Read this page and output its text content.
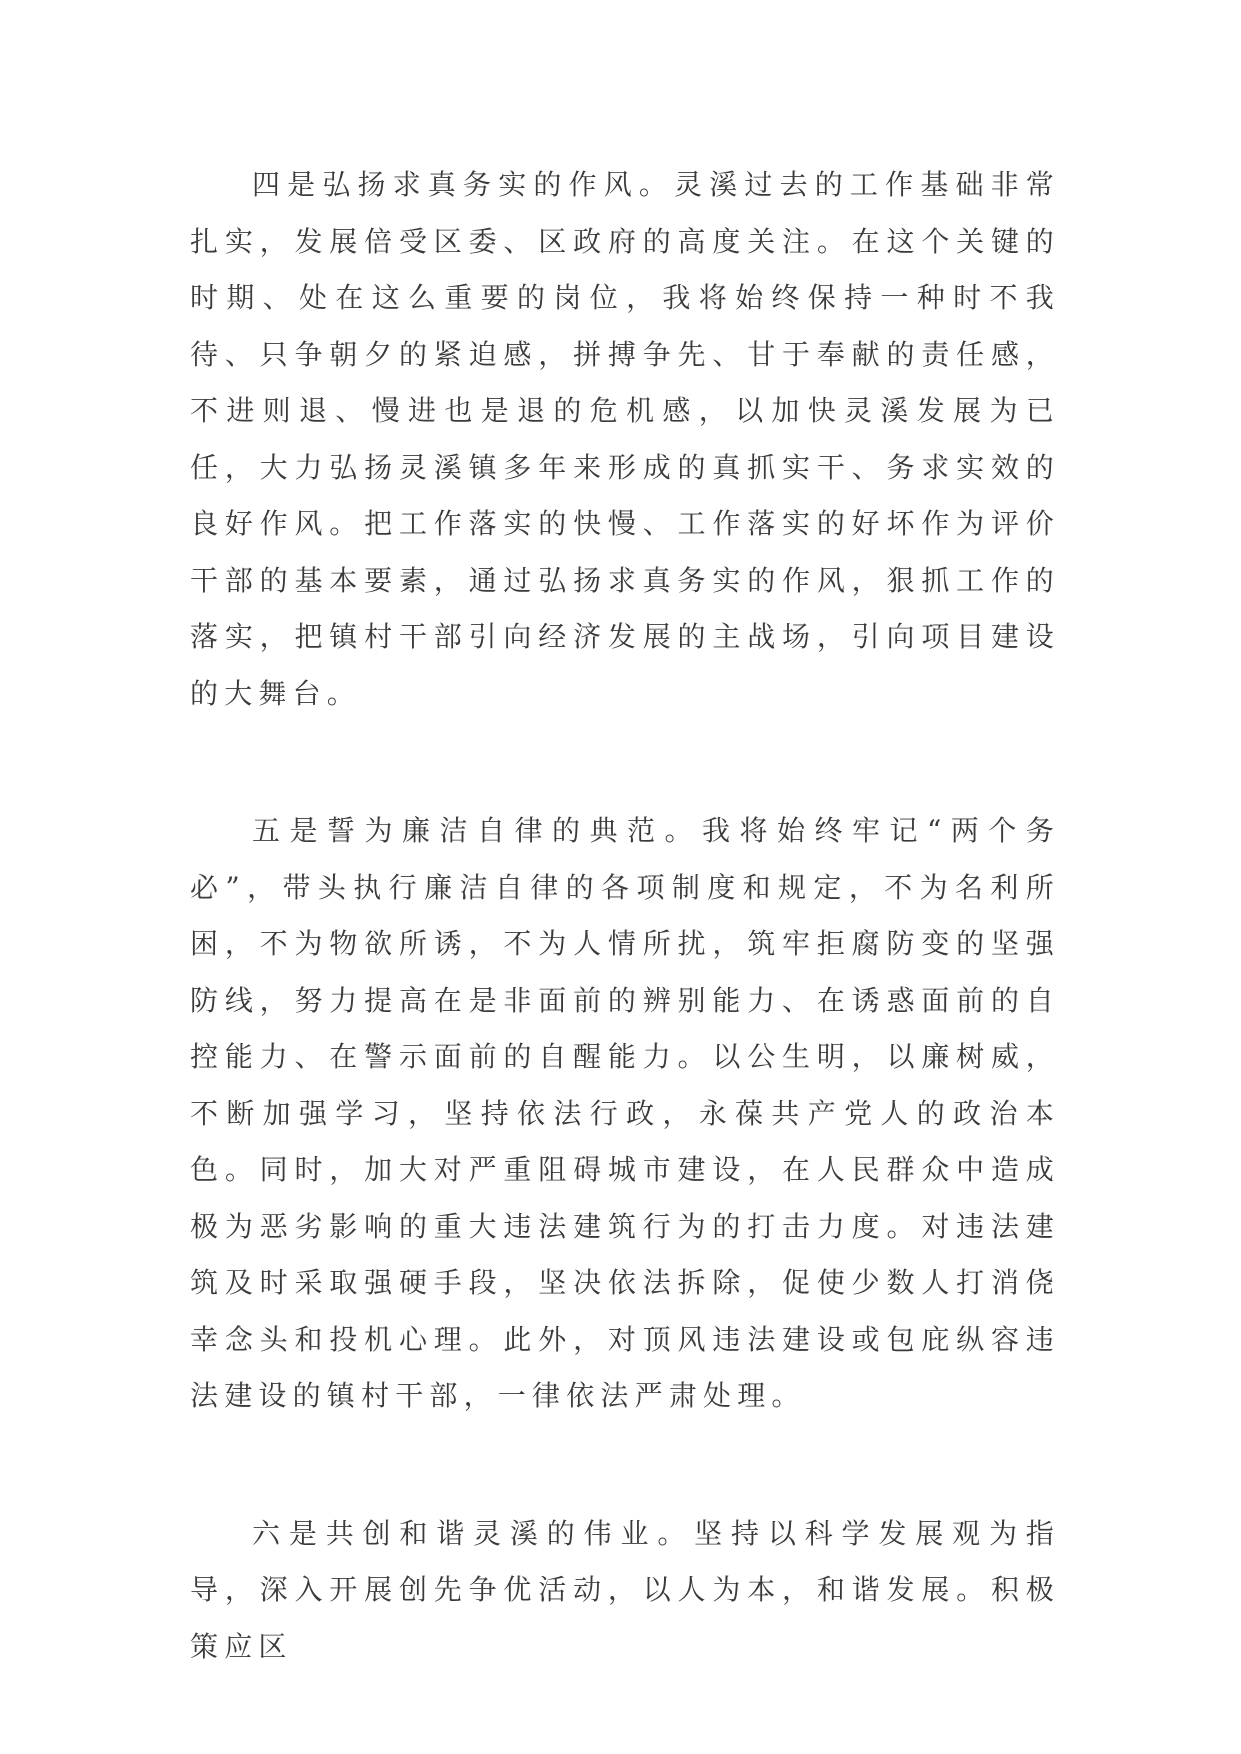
四是弘扬求真务实的作风。灵溪过去的工作基础非常扎实，发展倍受区委、区政府的高度关注。在这个关键的时期、处在这么重要的岗位，我将始终保持一种时不我待、只争朝夕的紧迫感，拼搏争先、甘于奉献的责任感，不进则退、慢进也是退的危机感，以加快灵溪发展为已任，大力弘扬灵溪镇多年来形成的真抓实干、务求实效的良好作风。把工作落实的快慢、工作落实的好坏作为评价干部的基本要素，通过弘扬求真务实的作风，狠抓工作的落实，把镇村干部引向经济发展的主战场，引向项目建设的大舞台。

五是誓为廉洁自律的典范。我将始终牢记“两个务必”，带头执行廉洁自律的各项制度和规定，不为名利所困，不为物欲所诱，不为人情所扰，筑牢拒腐防变的坚强防线，努力提高在是非面前的辨别能力、在诱惑面前的自控能力、在警示面前的自醒能力。以公生明，以廉树威，不断加强学习，坚持依法行政，永葆共产党人的政治本色。同时，加大对严重阻碍城市建设，在人民群众中造成极为恶劣影响的重大违法建筑行为的打击力度。对违法建筑及时采取强硬手段，坚决依法拆除，促使少数人打消侥幸念头和投机心理。此外，对顶风违法建设或包庇纵容违法建设的镇村干部，一律依法严肃处理。

六是共创和谐灵溪的伟业。坚持以科学发展观为指导，深入开展创先争优活动，以人为本，和谐发展。积极策应区
